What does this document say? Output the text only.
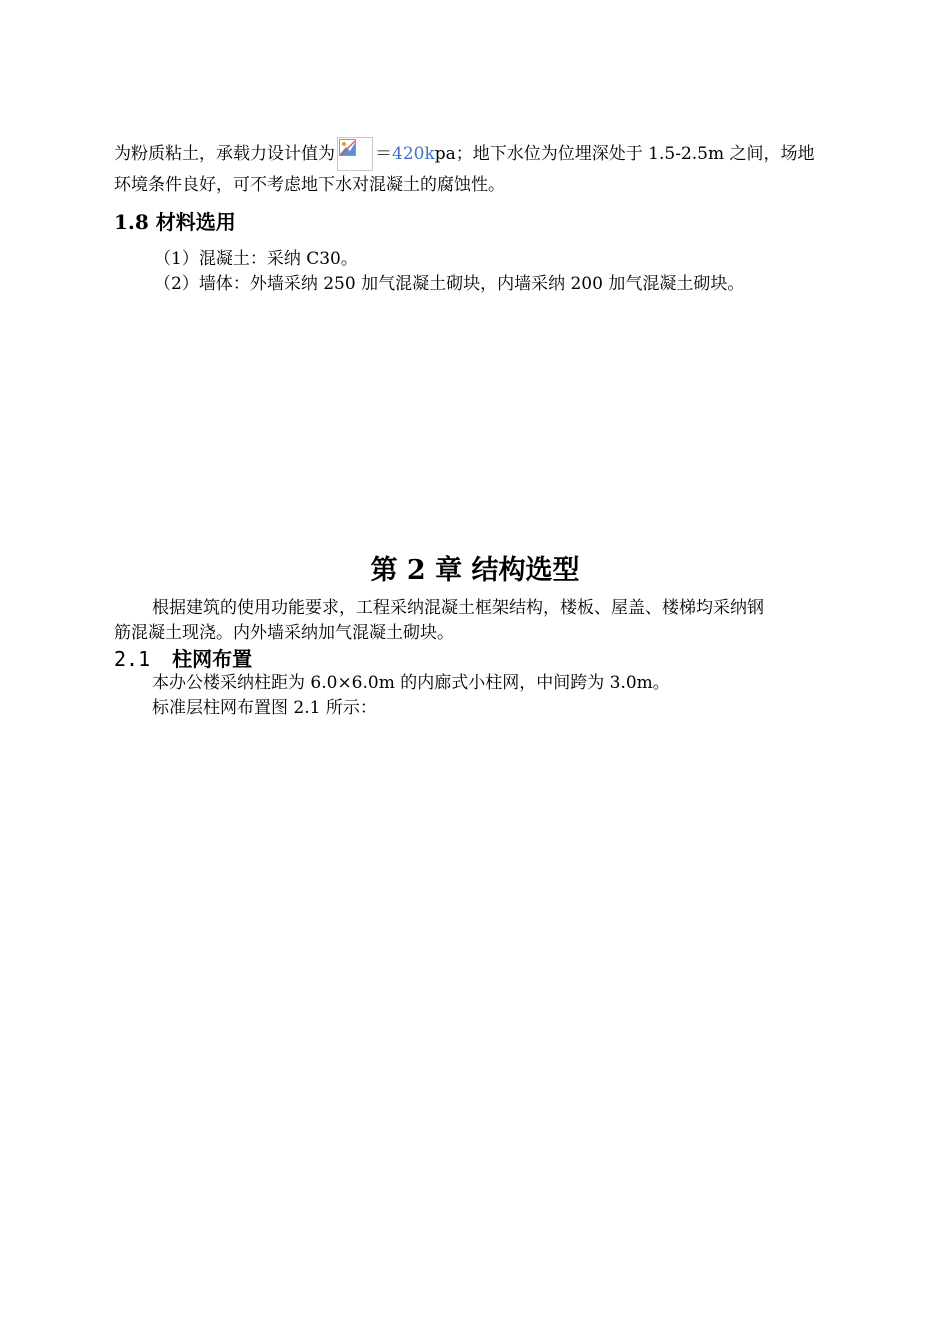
为粉质粘土，承载力设计值为 ＝420kpa；地下水位为位埋深处于 1.5-2.5m 之间，场地
环境条件良好，可不考虑地下水对混凝土的腐蚀性。
1.8 材料选用
（1）混凝土：采纳 C30。
（2）墙体：外墙采纳 250 加气混凝土砌块，内墙采纳 200 加气混凝土砌块。
第 2 章 结构选型
根据建筑的使用功能要求，工程采纳混凝土框架结构，楼板、屋盖、楼梯均采纳钢
筋混凝土现浇。内外墙采纳加气混凝土砌块。
2.1 柱网布置
本办公楼采纳柱距为 6.0×6.0m 的内廊式小柱网，中间跨为 3.0m。
标准层柱网布置图 2.1 所示：
